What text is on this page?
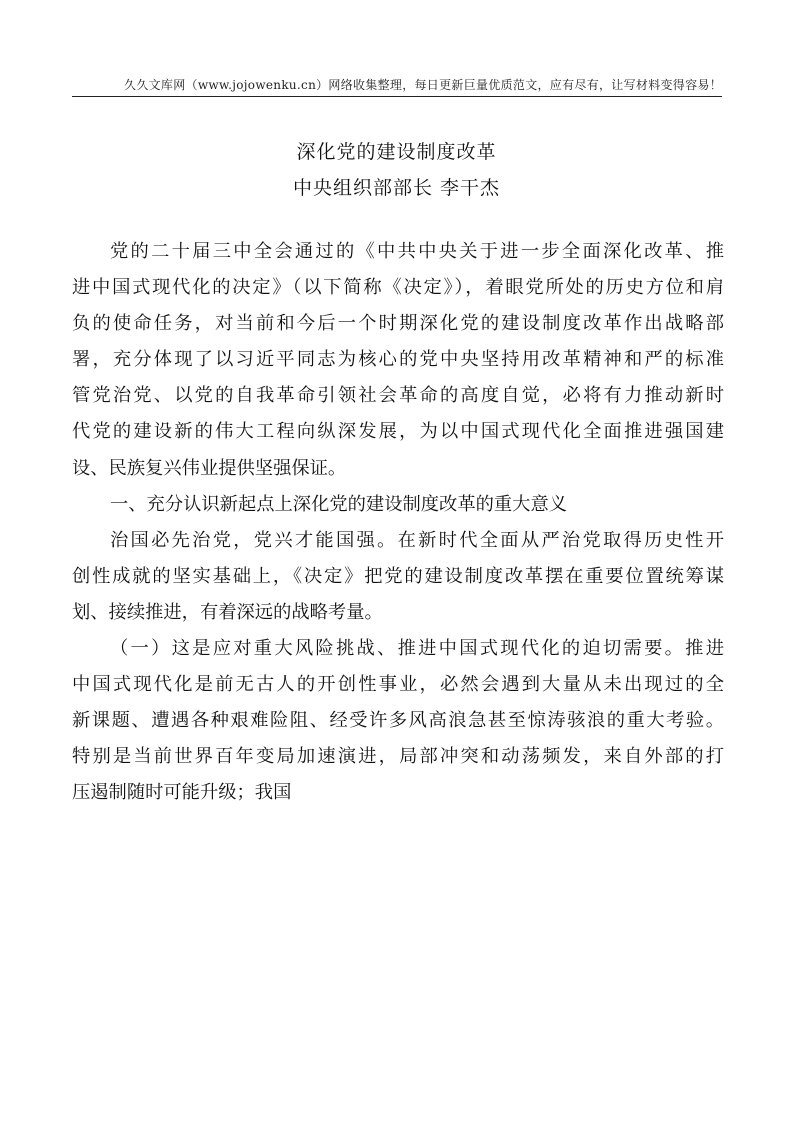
久久文库网（www.jojowenku.cn）网络收集整理，每日更新巨量优质范文，应有尽有，让写材料变得容易！
深化党的建设制度改革
中央组织部部长 李干杰
党的二十届三中全会通过的《中共中央关于进一步全面深化改革、推
进中国式现代化的决定》（以下简称《决定》），着眼党所处的历史方位和肩
负的使命任务，对当前和今后一个时期深化党的建设制度改革作出战略部
署，充分体现了以习近平同志为核心的党中央坚持用改革精神和严的标准
管党治党、以党的自我革命引领社会革命的高度自觉，必将有力推动新时
代党的建设新的伟大工程向纵深发展，为以中国式现代化全面推进强国建
设、民族复兴伟业提供坚强保证。
一、充分认识新起点上深化党的建设制度改革的重大意义
治国必先治党，党兴才能国强。在新时代全面从严治党取得历史性开
创性成就的坚实基础上，《决定》把党的建设制度改革摆在重要位置统筹谋
划、接续推进，有着深远的战略考量。
（一）这是应对重大风险挑战、推进中国式现代化的迫切需要。推进
中国式现代化是前无古人的开创性事业，必然会遇到大量从未出现过的全
新课题、遭遇各种艰难险阻、经受许多风高浪急甚至惊涛骇浪的重大考验。
特别是当前世界百年变局加速演进，局部冲突和动荡频发，来自外部的打
压遏制随时可能升级；我国
